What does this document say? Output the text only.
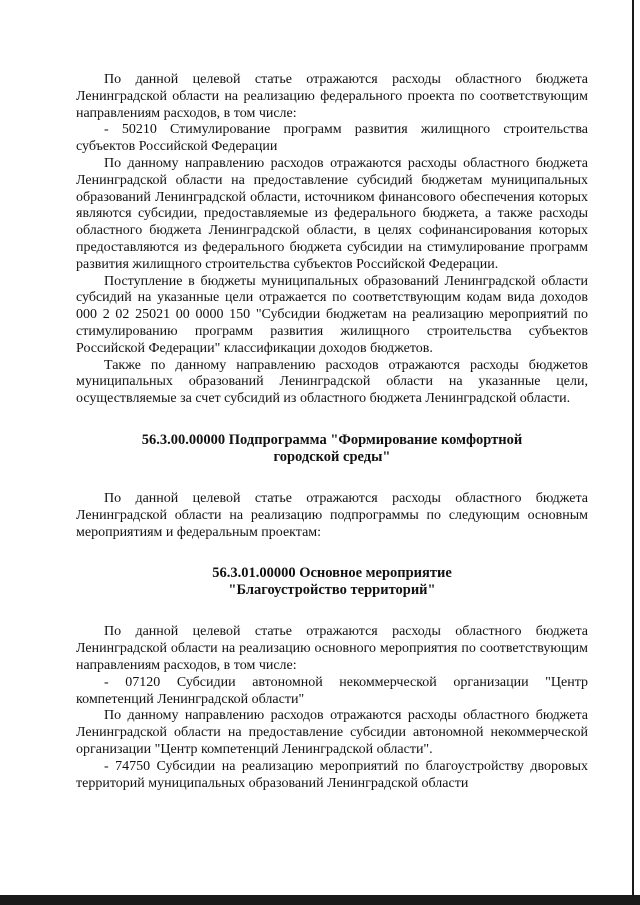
По данной целевой статье отражаются расходы областного бюджета Ленинградской области на реализацию федерального проекта по соответствующим направлениям расходов, в том числе:

- 50210 Стимулирование программ развития жилищного строительства субъектов Российской Федерации

По данному направлению расходов отражаются расходы областного бюджета Ленинградской области на предоставление субсидий бюджетам муниципальных образований Ленинградской области, источником финансового обеспечения которых являются субсидии, предоставляемые из федерального бюджета, а также расходы областного бюджета Ленинградской области, в целях софинансирования которых предоставляются из федерального бюджета субсидии на стимулирование программ развития жилищного строительства субъектов Российской Федерации.

Поступление в бюджеты муниципальных образований Ленинградской области субсидий на указанные цели отражается по соответствующим кодам вида доходов 000 2 02 25021 00 0000 150 "Субсидии бюджетам на реализацию мероприятий по стимулированию программ развития жилищного строительства субъектов Российской Федерации" классификации доходов бюджетов.

Также по данному направлению расходов отражаются расходы бюджетов муниципальных образований Ленинградской области на указанные цели, осуществляемые за счет субсидий из областного бюджета Ленинградской области.

56.3.00.00000 Подпрограмма "Формирование комфортной городской среды"

По данной целевой статье отражаются расходы областного бюджета Ленинградской области на реализацию подпрограммы по следующим основным мероприятиям и федеральным проектам:

56.3.01.00000 Основное мероприятие "Благоустройство территорий"

По данной целевой статье отражаются расходы областного бюджета Ленинградской области на реализацию основного мероприятия по соответствующим направлениям расходов, в том числе:

- 07120 Субсидии автономной некоммерческой организации "Центр компетенций Ленинградской области"

По данному направлению расходов отражаются расходы областного бюджета Ленинградской области на предоставление субсидии автономной некоммерческой организации "Центр компетенций Ленинградской области".

- 74750 Субсидии на реализацию мероприятий по благоустройству дворовых территорий муниципальных образований Ленинградской области
